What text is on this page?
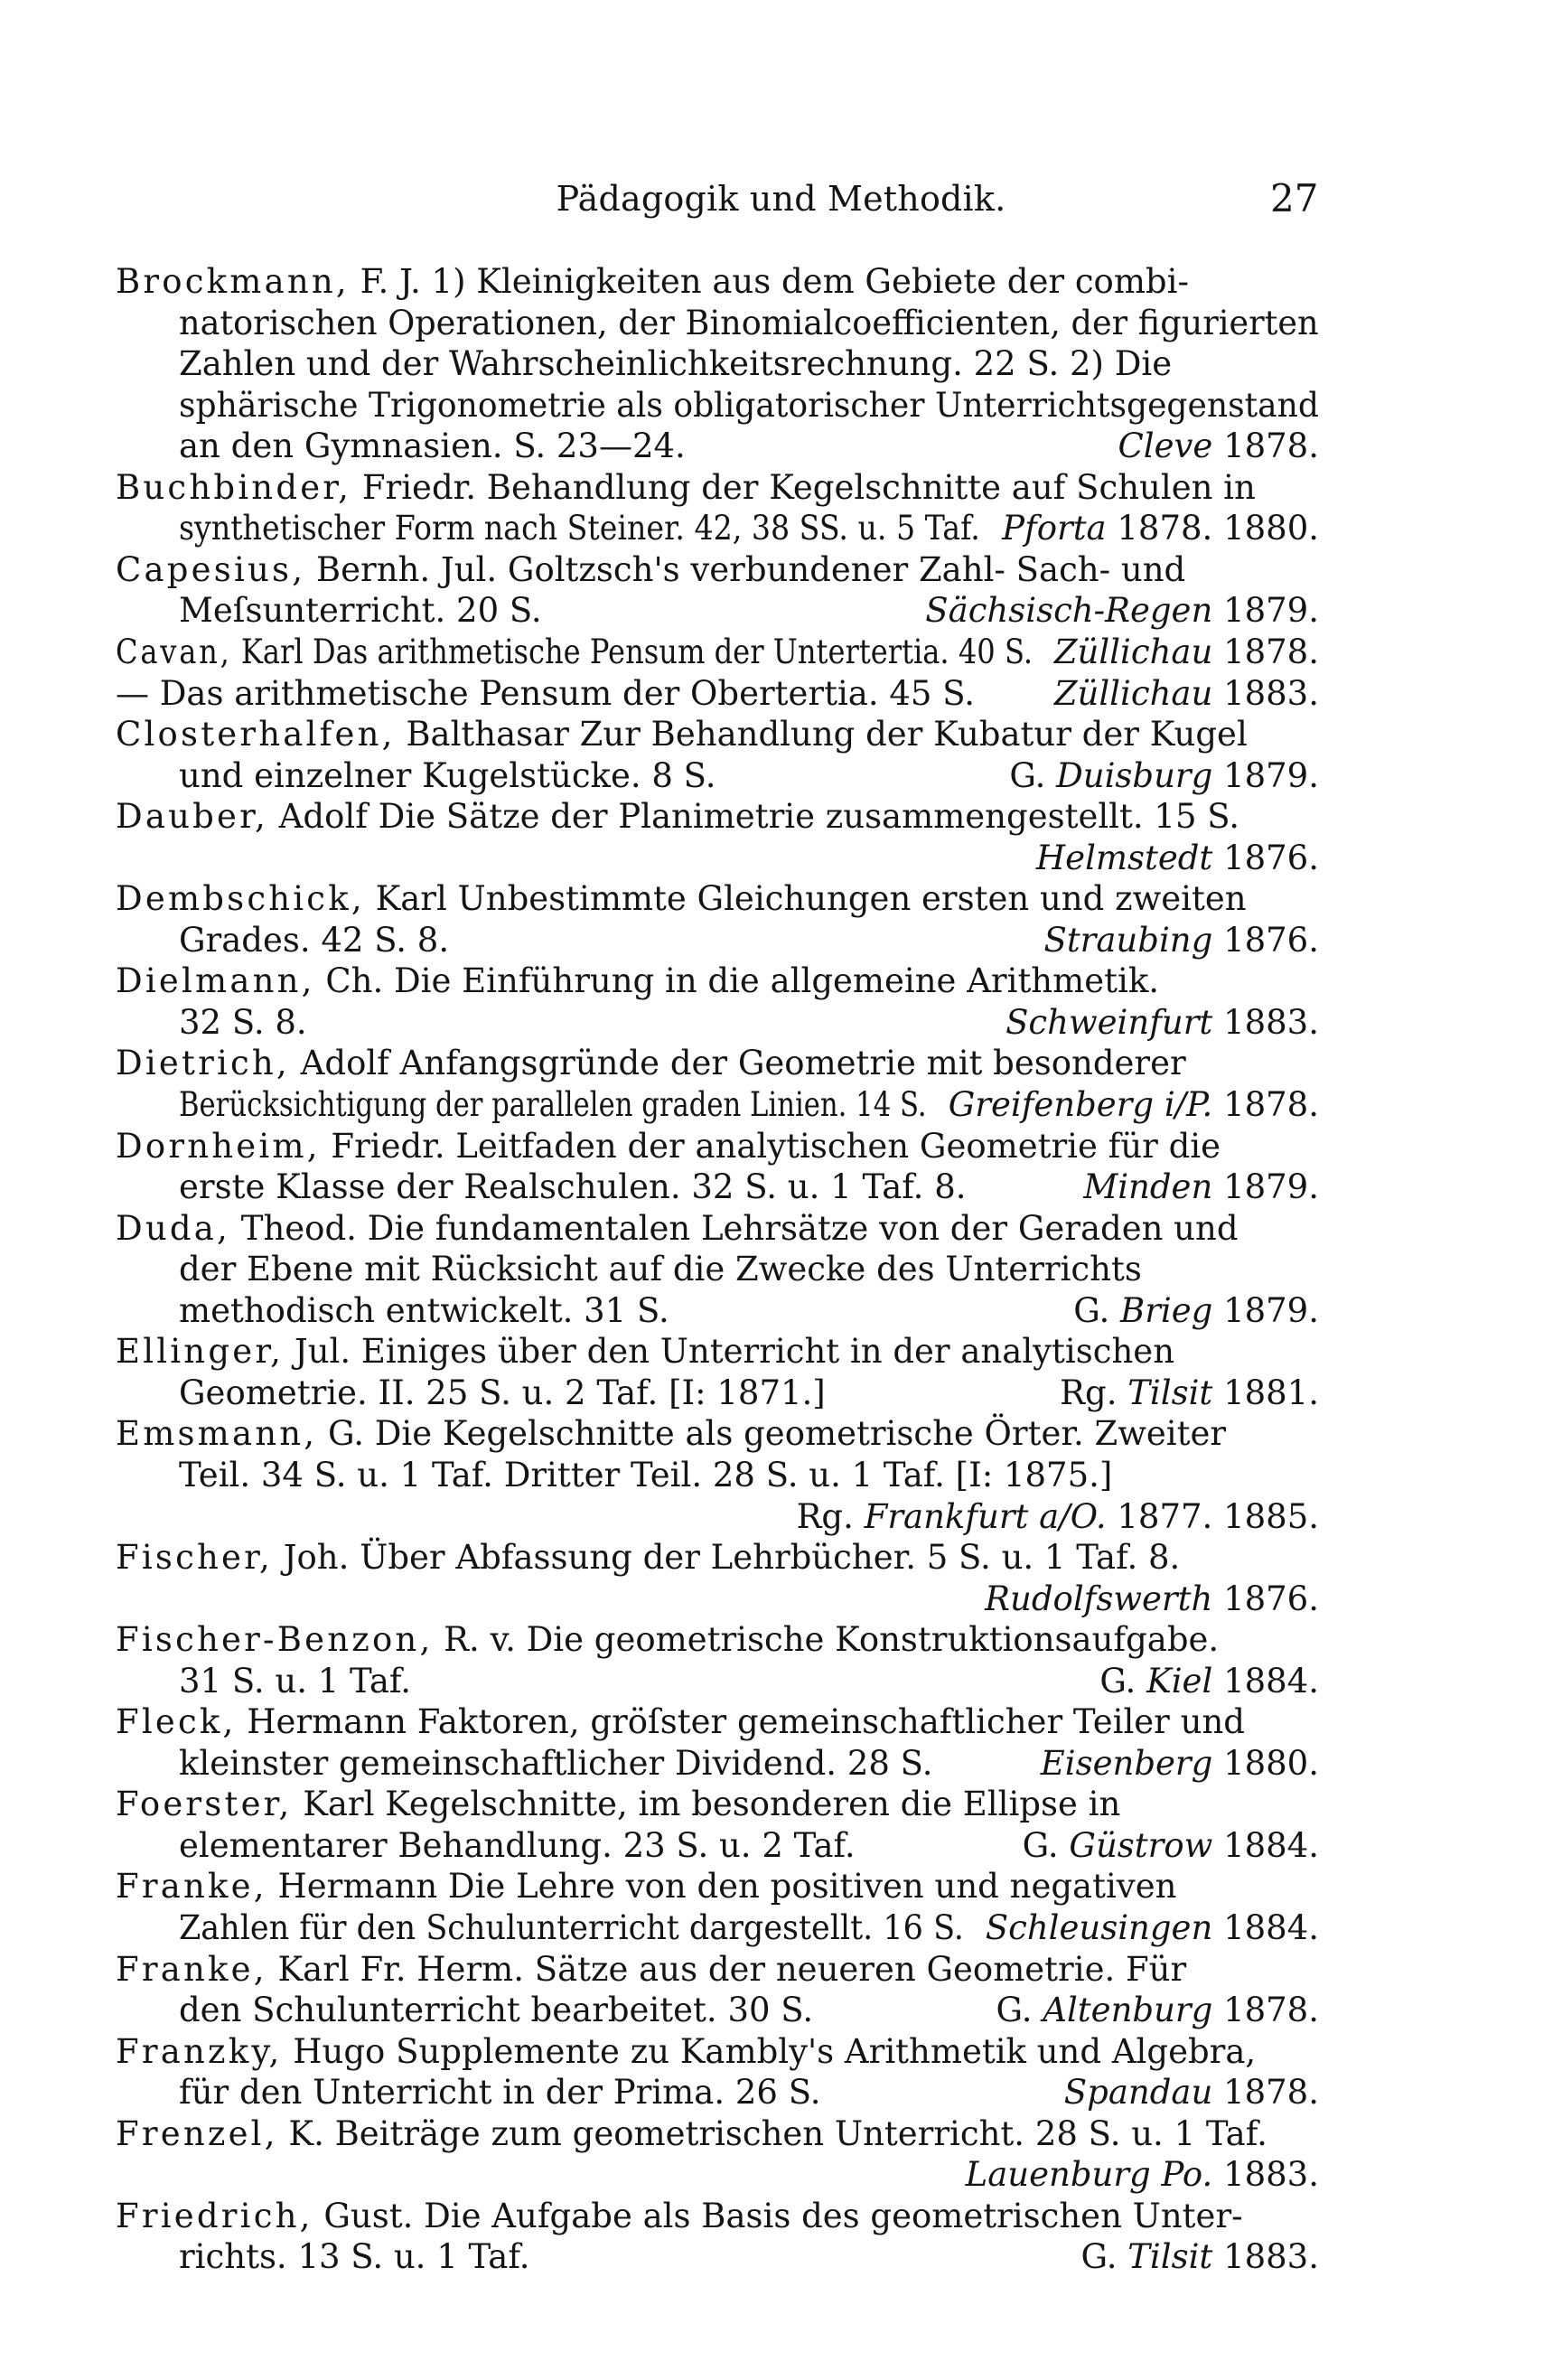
Pädagogik und Methodik.	27
Brockmann, F. J. 1) Kleinigkeiten aus dem Gebiete der combi-
natorischen Operationen, der Binomialcoefficienten, der figurierten
Zahlen und der Wahrscheinlichkeitsrechnung. 22 S. 2) Die
sphärische Trigonometrie als obligatorischer Unterrichtsgegenstand
an den Gymnasien. S. 23—24.	Cleve 1878.
Buchbinder, Friedr. Behandlung der Kegelschnitte auf Schulen in
synthetischer Form nach Steiner. 42, 38 SS. u. 5 Taf. Pforta 1878. 1880.
Capesius, Bernh. Jul. Goltzsch's verbundener Zahl- Sach- und
Meſsunterricht. 20 S.	Sächsisch-Regen 1879.
Cavan, Karl Das arithmetische Pensum der Untertertia. 40 S. Züllichau 1878.
— Das arithmetische Pensum der Obertertia. 45 S. Züllichau 1883.
Closterhalfen, Balthasar Zur Behandlung der Kubatur der Kugel
und einzelner Kugelstücke. 8 S.	G. Duisburg 1879.
Dauber, Adolf Die Sätze der Planimetrie zusammengestellt. 15 S.
Helmstedt 1876.
Dembschick, Karl Unbestimmte Gleichungen ersten und zweiten
Grades. 42 S. 8.	Straubing 1876.
Dielmann, Ch. Die Einführung in die allgemeine Arithmetik.
32 S. 8.	Schweinfurt 1883.
Dietrich, Adolf Anfangsgründe der Geometrie mit besonderer
Berücksichtigung der parallelen graden Linien. 14 S. Greifenberg i/P. 1878.
Dornheim, Friedr. Leitfaden der analytischen Geometrie für die
erste Klasse der Realschulen. 32 S. u. 1 Taf. 8.	Minden 1879.
Duda, Theod. Die fundamentalen Lehrsätze von der Geraden und
der Ebene mit Rücksicht auf die Zwecke des Unterrichts
methodisch entwickelt. 31 S.	G. Brieg 1879.
Ellinger, Jul. Einiges über den Unterricht in der analytischen
Geometrie. II. 25 S. u. 2 Taf. [I: 1871.]	Rg. Tilsit 1881.
Emsmann, G. Die Kegelschnitte als geometrische Örter. Zweiter
Teil. 34 S. u. 1 Taf. Dritter Teil. 28 S. u. 1 Taf. [I: 1875.]
Rg. Frankfurt a/O. 1877. 1885.
Fischer, Joh. Über Abfassung der Lehrbücher. 5 S. u. 1 Taf. 8.
Rudolfswerth 1876.
Fischer-Benzon, R. v. Die geometrische Konstruktionsaufgabe.
31 S. u. 1 Taf.	G. Kiel 1884.
Fleck, Hermann Faktoren, gröſster gemeinschaftlicher Teiler und
kleinster gemeinschaftlicher Dividend. 28 S.	Eisenberg 1880.
Foerster, Karl Kegelschnitte, im besonderen die Ellipse in
elementarer Behandlung. 23 S. u. 2 Taf.	G. Güstrow 1884.
Franke, Hermann Die Lehre von den positiven und negativen
Zahlen für den Schulunterricht dargestellt. 16 S. Schleusingen 1884.
Franke, Karl Fr. Herm. Sätze aus der neueren Geometrie. Für
den Schulunterricht bearbeitet. 30 S.	G. Altenburg 1878.
Franzky, Hugo Supplemente zu Kambly's Arithmetik und Algebra,
für den Unterricht in der Prima. 26 S.	Spandau 1878.
Frenzel, K. Beiträge zum geometrischen Unterricht. 28 S. u. 1 Taf.
Lauenburg Po. 1883.
Friedrich, Gust. Die Aufgabe als Basis des geometrischen Unter-
richts. 13 S. u. 1 Taf.	G. Tilsit 1883.
